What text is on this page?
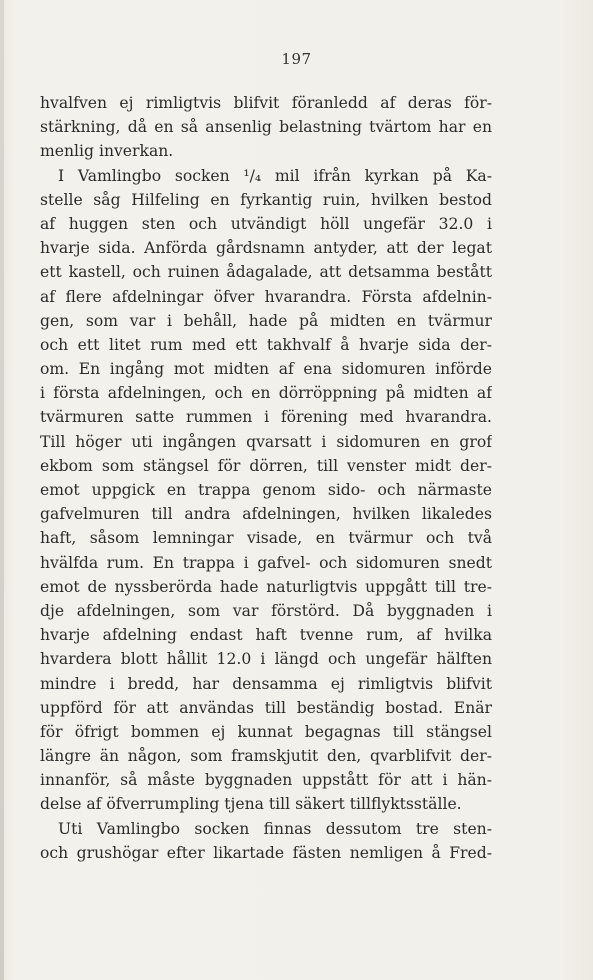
197
hvalfven ej rimligtvis blifvit föranledd af deras för-
stärkning, då en så ansenlig belastning tvärtom har en
menlig inverkan.
I Vamlingbo socken ¹/₄ mil ifrån kyrkan på Ka-
stelle såg Hilfeling en fyrkantig ruin, hvilken bestod
af huggen sten och utvändigt höll ungefär 32.0 i
hvarje sida. Anförda gårdsnamn antyder, att der legat
ett kastell, och ruinen ådagalade, att detsamma bestått
af flere afdelningar öfver hvarandra. Första afdelnin-
gen, som var i behåll, hade på midten en tvärmur
och ett litet rum med ett takhvalf å hvarje sida der-
om. En ingång mot midten af ena sidomuren införde
i första afdelningen, och en dörröppning på midten af
tvärmuren satte rummen i förening med hvarandra.
Till höger uti ingången qvarsatt i sidomuren en grof
ekbom som stängsel för dörren, till venster midt der-
emot uppgick en trappa genom sido- och närmaste
gafvelmuren till andra afdelningen, hvilken likaledes
haft, såsom lemningar visade, en tvärmur och två
hvälfda rum. En trappa i gafvel- och sidomuren snedt
emot de nyssberörda hade naturligtvis uppgått till tre-
dje afdelningen, som var förstörd. Då byggnaden i
hvarje afdelning endast haft tvenne rum, af hvilka
hvardera blott hållit 12.0 i längd och ungefär hälften
mindre i bredd, har densamma ej rimligtvis blifvit
uppförd för att användas till beständig bostad. Enär
för öfrigt bommen ej kunnat begagnas till stängsel
längre än någon, som framskjutit den, qvarblifvit der-
innanför, så måste byggnaden uppstått för att i hän-
delse af öfverrumpling tjena till säkert tillflyktsställe.
Uti Vamlingbo socken finnas dessutom tre sten-
och grushögar efter likartade fästen nemligen å Fred-
